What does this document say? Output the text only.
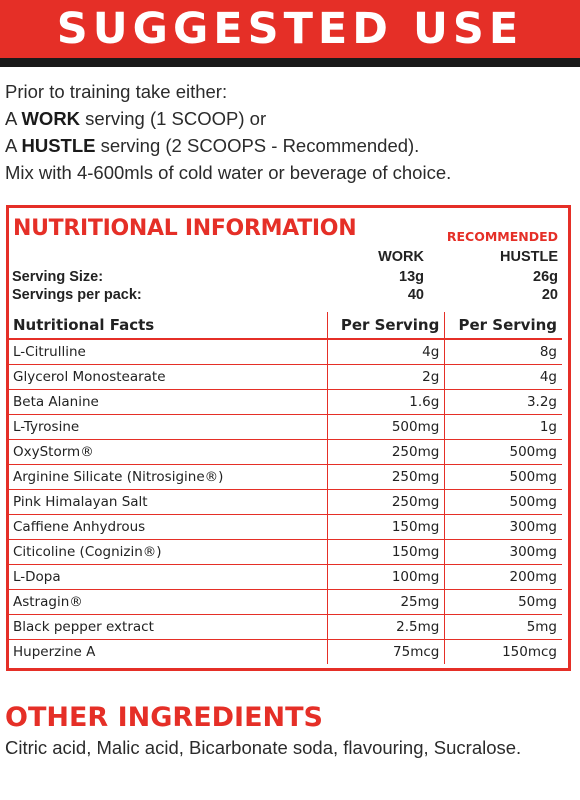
SUGGESTED USE
Prior to training take either:
A WORK serving (1 SCOOP) or
A HUSTLE serving (2 SCOOPS - Recommended).
Mix with 4-600mls of cold water or beverage of choice.
NUTRITIONAL INFORMATION	RECOMMENDED
WORK	HUSTLE
Serving Size:	13g	26g
Servings per pack:	40	20
Nutritional Facts	Per Serving	Per Serving
L-Citrulline	4g	8g
Glycerol Monostearate	2g	4g
Beta Alanine	1.6g	3.2g
L-Tyrosine	500mg	1g
OxyStorm®	250mg	500mg
Arginine Silicate (Nitrosigine®)	250mg	500mg
Pink Himalayan Salt	250mg	500mg
Caffiene Anhydrous	150mg	300mg
Citicoline (Cognizin®)	150mg	300mg
L-Dopa	100mg	200mg
Astragin®	25mg	50mg
Black pepper extract	2.5mg	5mg
Huperzine A	75mcg	150mcg
OTHER INGREDIENTS
Citric acid, Malic acid, Bicarbonate soda, flavouring, Sucralose.
